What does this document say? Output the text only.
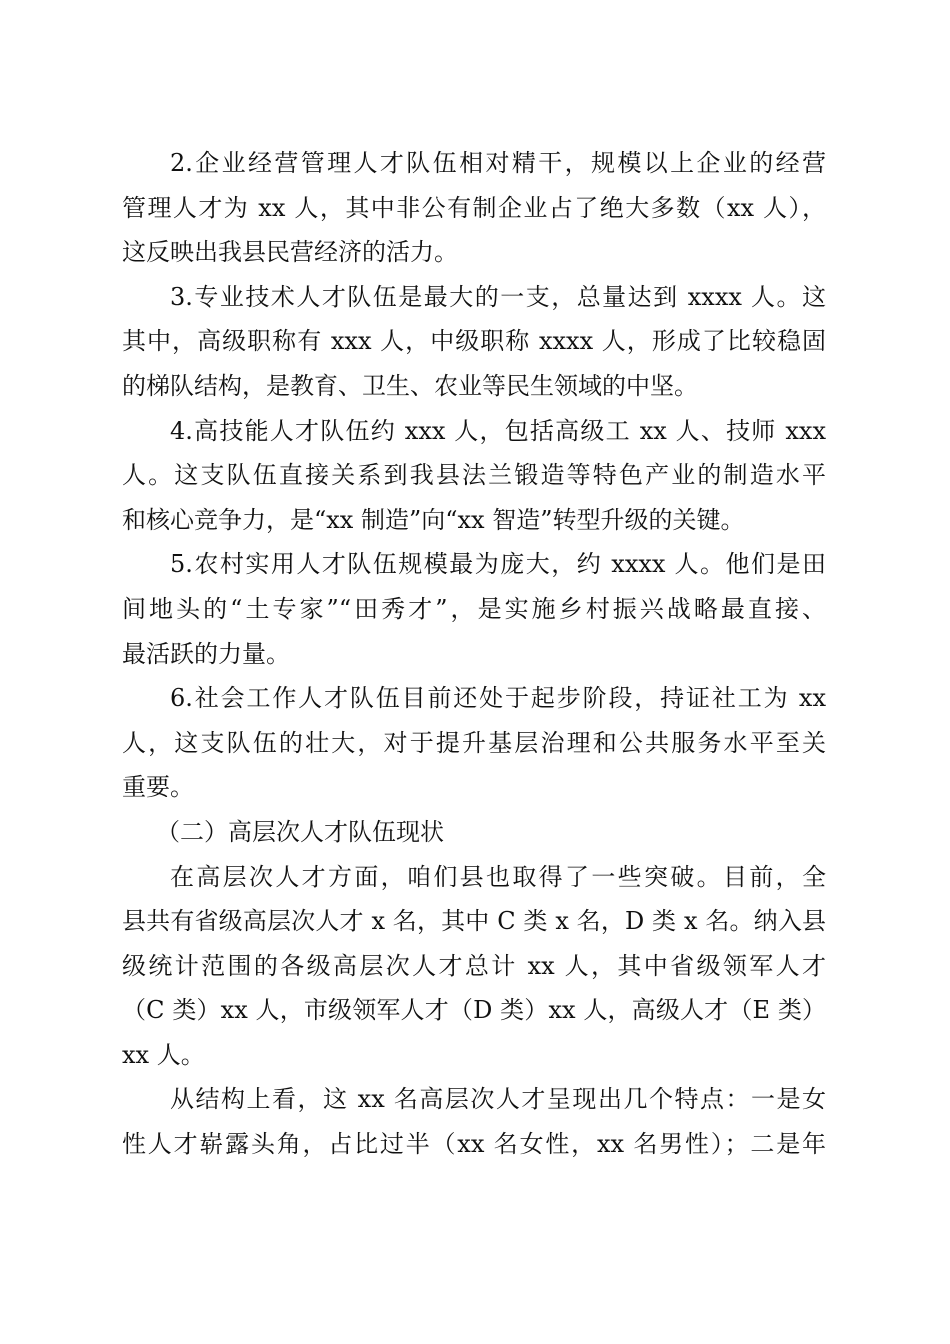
2.企业经营管理人才队伍相对精干，规模以上企业的经营
管理人才为 xx 人，其中非公有制企业占了绝大多数（xx 人），
这反映出我县民营经济的活力。
3.专业技术人才队伍是最大的一支，总量达到 xxxx 人。这
其中，高级职称有 xxx 人，中级职称 xxxx 人，形成了比较稳固
的梯队结构，是教育、卫生、农业等民生领域的中坚。
4.高技能人才队伍约 xxx 人，包括高级工 xx 人、技师 xxx
人。这支队伍直接关系到我县法兰锻造等特色产业的制造水平
和核心竞争力，是“xx 制造”向“xx 智造”转型升级的关键。
5.农村实用人才队伍规模最为庞大，约 xxxx 人。他们是田
间地头的“土专家”“田秀才”，是实施乡村振兴战略最直接、
最活跃的力量。
6.社会工作人才队伍目前还处于起步阶段，持证社工为 xx
人，这支队伍的壮大，对于提升基层治理和公共服务水平至关
重要。
（二）高层次人才队伍现状
在高层次人才方面，咱们县也取得了一些突破。目前，全
县共有省级高层次人才 x 名，其中 C 类 x 名，D 类 x 名。纳入县
级统计范围的各级高层次人才总计 xx 人，其中省级领军人才
（C 类）xx 人，市级领军人才（D 类）xx 人，高级人才（E 类）
xx 人。
从结构上看，这 xx 名高层次人才呈现出几个特点：一是女
性人才崭露头角，占比过半（xx 名女性，xx 名男性）；二是年
